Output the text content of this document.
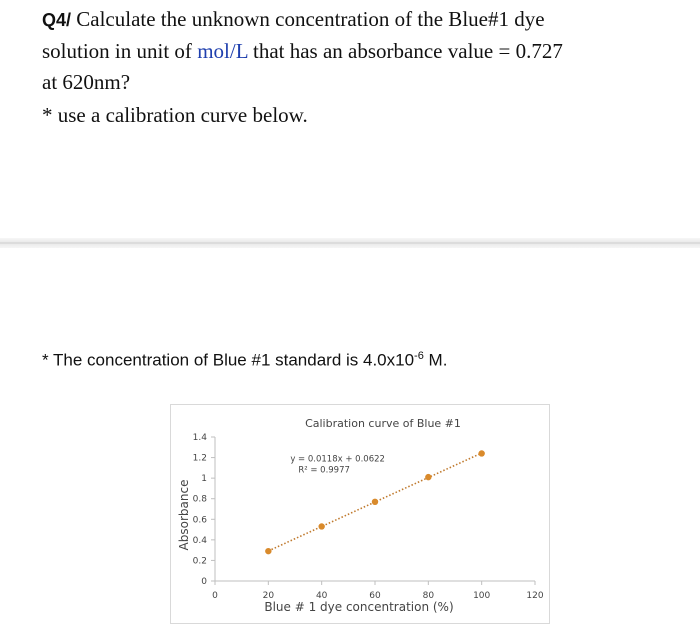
Q4/ Calculate the unknown concentration of the Blue#1 dye
solution in unit of mol/L that has an absorbance value = 0.727
at 620nm?
* use a calibration curve below.
* The concentration of Blue #1 standard is $4.0x10^{-6}$ M.
Calibration curve of Blue #1
0
0.2
0.4
0.6
0.8
1
1.2
1.4
0	20	40	60	80	100	120
Blue # 1 dye concentration (%)
Absorbance
y = 0.0118x + 0.0622
R² = 0.9977
